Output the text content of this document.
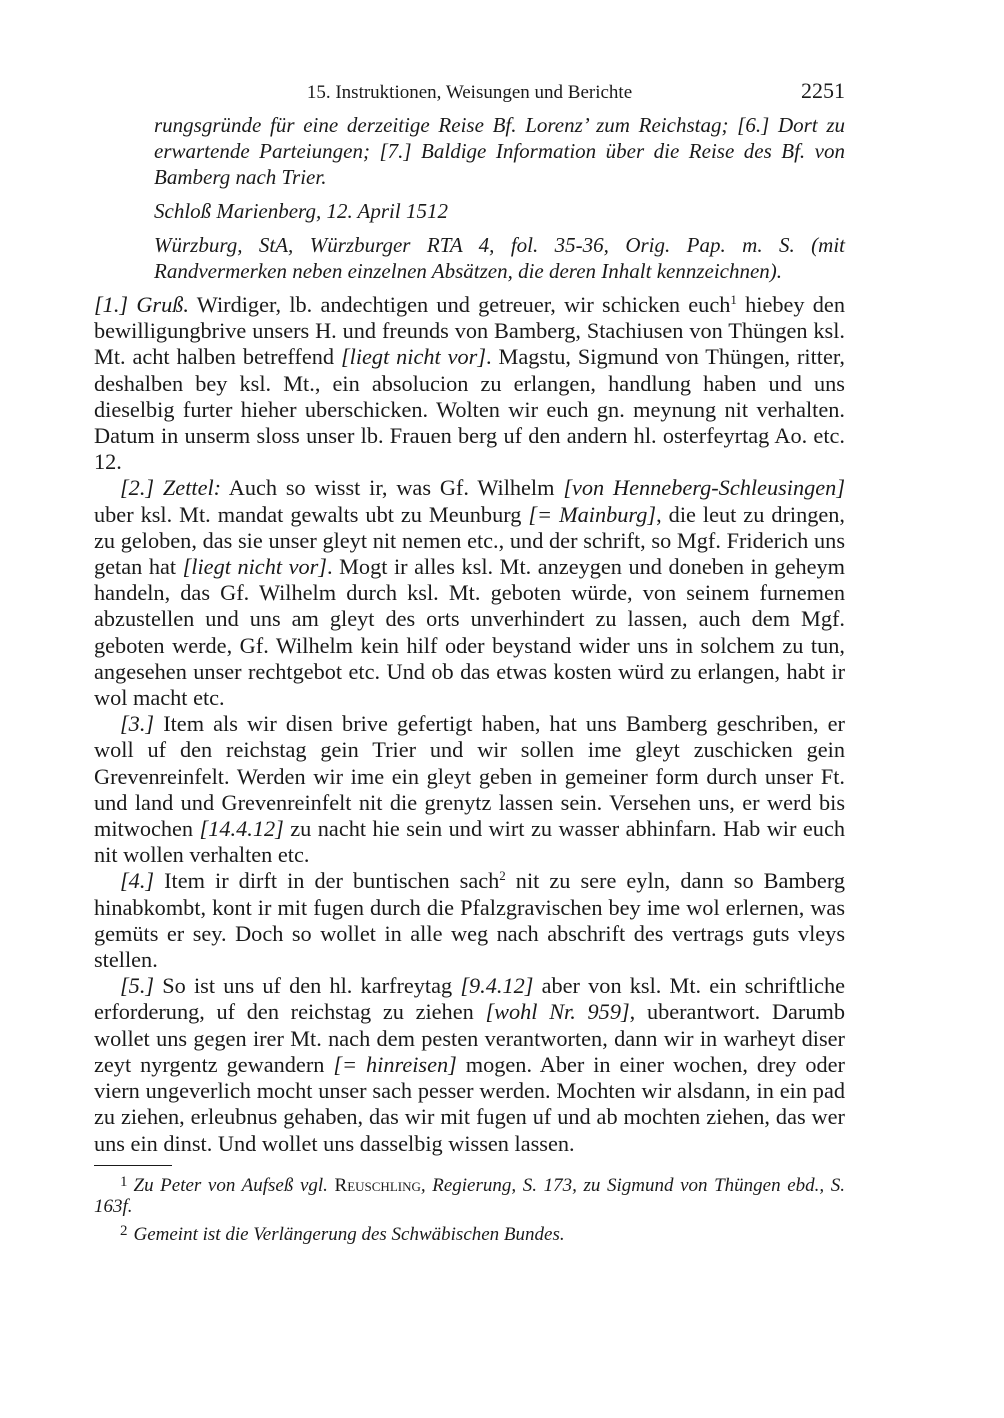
15. Instruktionen, Weisungen und Berichte	2251

rungsgründe für eine derzeitige Reise Bf. Lorenz’ zum Reichstag; [6.] Dort zu erwartende Parteiungen; [7.] Baldige Information über die Reise des Bf. von Bamberg nach Trier.

Schloß Marienberg, 12. April 1512

Würzburg, StA, Würzburger RTA 4, fol. 35-36, Orig. Pap. m. S. (mit Randvermerken neben einzelnen Absätzen, die deren Inhalt kennzeichnen).

[1.] Gruß. Wirdiger, lb. andechtigen und getreuer, wir schicken euch$^1$ hiebey den bewilligungbrive unsers H. und freunds von Bamberg, Stachiusen von Thüngen ksl. Mt. acht halben betreffend [liegt nicht vor]. Magstu, Sigmund von Thüngen, ritter, deshalben bey ksl. Mt., ein absolucion zu erlangen, handlung haben und uns dieselbig furter hieher uberschicken. Wolten wir euch gn. meynung nit verhalten. Datum in unserm sloss unser lb. Frauen berg uf den andern hl. osterfeyrtag Ao. etc. 12.

[2.] Zettel: Auch so wisst ir, was Gf. Wilhelm [von Henneberg-Schleusingen] uber ksl. Mt. mandat gewalts ubt zu Meunburg [= Mainburg], die leut zu dringen, zu geloben, das sie unser gleyt nit nemen etc., und der schrift, so Mgf. Friderich uns getan hat [liegt nicht vor]. Mogt ir alles ksl. Mt. anzeygen und doneben in geheym handeln, das Gf. Wilhelm durch ksl. Mt. geboten würde, von seinem furnemen abzustellen und uns am gleyt des orts unverhindert zu lassen, auch dem Mgf. geboten werde, Gf. Wilhelm kein hilf oder beystand wider uns in solchem zu tun, angesehen unser rechtgebot etc. Und ob das etwas kosten würd zu erlangen, habt ir wol macht etc.

[3.] Item als wir disen brive gefertigt haben, hat uns Bamberg geschriben, er woll uf den reichstag gein Trier und wir sollen ime gleyt zuschicken gein Grevenreinfelt. Werden wir ime ein gleyt geben in gemeiner form durch unser Ft. und land und Grevenreinfelt nit die grenytz lassen sein. Versehen uns, er werd bis mitwochen [14.4.12] zu nacht hie sein und wirt zu wasser abhinfarn. Hab wir euch nit wollen verhalten etc.

[4.] Item ir dirft in der buntischen sach$^2$ nit zu sere eyln, dann so Bamberg hinabkombt, kont ir mit fugen durch die Pfalzgravischen bey ime wol erlernen, was gemüts er sey. Doch so wollet in alle weg nach abschrift des vertrags guts vleys stellen.

[5.] So ist uns uf den hl. karfreytag [9.4.12] aber von ksl. Mt. ein schriftliche erforderung, uf den reichstag zu ziehen [wohl Nr. 959], uberantwort. Darumb wollet uns gegen irer Mt. nach dem pesten verantworten, dann wir in warheyt diser zeyt nyrgentz gewandern [= hinreisen] mogen. Aber in einer wochen, drey oder viern ungeverlich mocht unser sach pesser werden. Mochten wir alsdann, in ein pad zu ziehen, erleubnus gehaben, das wir mit fugen uf und ab mochten ziehen, das wer uns ein dinst. Und wollet uns dasselbig wissen lassen.

$^1$ Zu Peter von Aufseß vgl. Reuschling, Regierung, S. 173, zu Sigmund von Thüngen ebd., S. 163f.

$^2$ Gemeint ist die Verlängerung des Schwäbischen Bundes.
